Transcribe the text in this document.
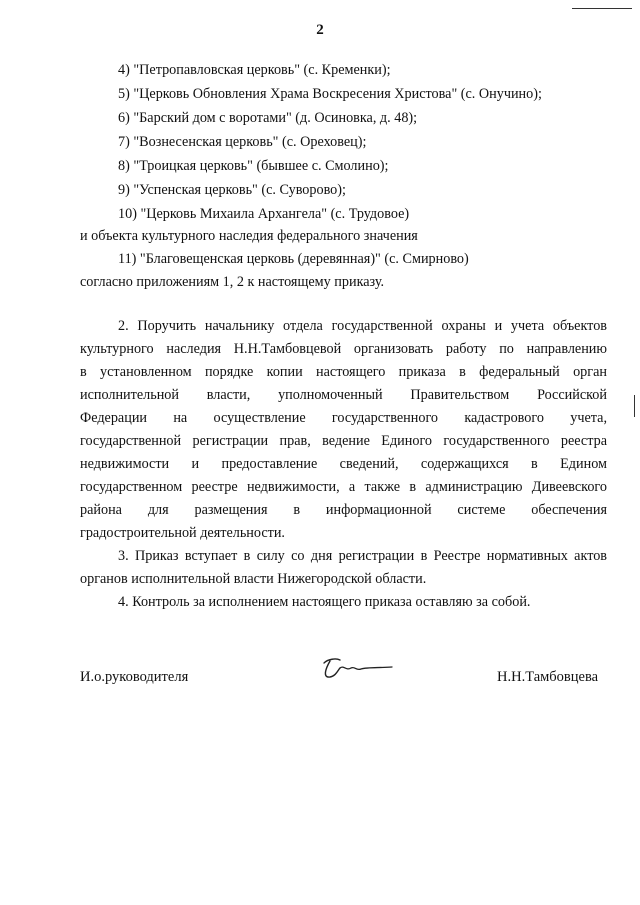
2
4) "Петропавловская церковь" (с. Кременки);
5) "Церковь Обновления Храма Воскресения Христова" (с. Онучино);
6) "Барский дом с воротами" (д. Осиновка, д. 48);
7) "Вознесенская церковь" (с. Ореховец);
8) "Троицкая церковь" (бывшее с. Смолино);
9) "Успенская церковь" (с. Суворово);
10) "Церковь Михаила Архангела" (с. Трудовое)
и объекта культурного наследия федерального значения
11) "Благовещенская церковь (деревянная)" (с. Смирново)
согласно приложениям 1, 2 к настоящему приказу.
2. Поручить начальнику отдела государственной охраны и учета объектов
культурного наследия Н.Н.Тамбовцевой организовать работу по направлению
в установленном порядке копии настоящего приказа в федеральный орган
исполнительной власти, уполномоченный Правительством Российской
Федерации на осуществление государственного кадастрового учета,
государственной регистрации прав, ведение Единого государственного реестра
недвижимости и предоставление сведений, содержащихся в Едином
государственном реестре недвижимости, а также в администрацию Дивеевского
района для размещения в информационной системе обеспечения
градостроительной деятельности.
3. Приказ вступает в силу со дня регистрации в Реестре нормативных актов
органов исполнительной власти Нижегородской области.
4. Контроль за исполнением настоящего приказа оставляю за собой.
И.о.руководителя	Н.Н.Тамбовцева
